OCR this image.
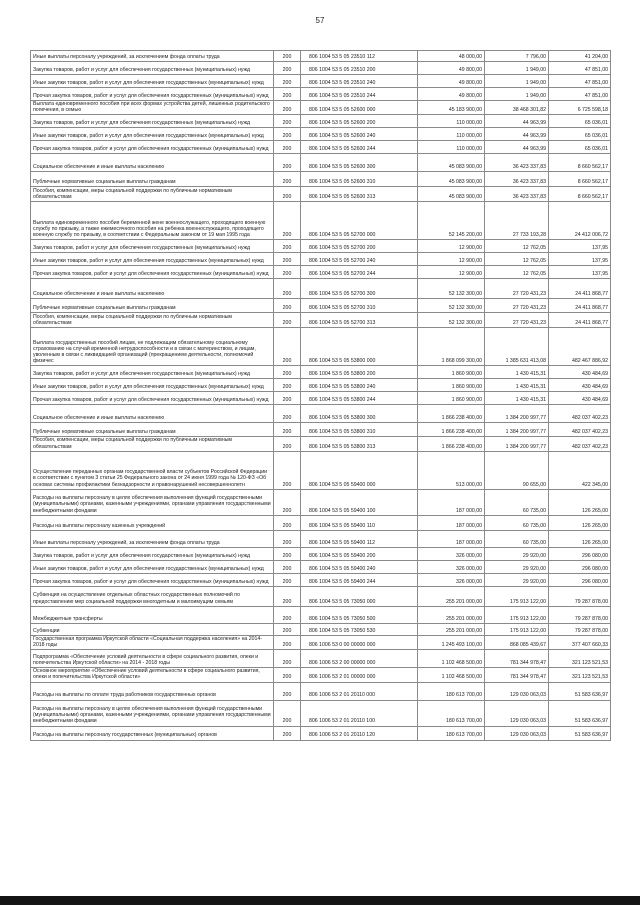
57
Иные выплаты персоналу учреждений, за исключением фонда оплаты труда	200	806 1004 53 5 05 23510 112	48 000,00	7 796,00	41 204,00
Закупка товаров, работ и услуг для обеспечения государственных (муниципальных) нужд	200	806 1004 53 5 05 23510 200	49 800,00	1 949,00	47 851,00
Иные закупки товаров, работ и услуг для обеспечения государственных (муниципальных) нужд	200	806 1004 53 5 05 23510 240	49 800,00	1 949,00	47 851,00
Прочая закупка товаров, работ и услуг для обеспечения государственных (муниципальных) нужд	200	806 1004 53 5 05 23510 244	49 800,00	1 949,00	47 851,00
Выплата единовременного пособия при всех формах устройства детей, лишенных родительского попечения, в семью	200	806 1004 53 5 05 52600 000	45 183 900,00	38 468 301,82	6 725 598,18
Закупка товаров, работ и услуг для обеспечения государственных (муниципальных) нужд	200	806 1004 53 5 05 52600 200	110 000,00	44 963,99	65 036,01
Иные закупки товаров, работ и услуг для обеспечения государственных (муниципальных) нужд	200	806 1004 53 5 05 52600 240	110 000,00	44 963,99	65 036,01
Прочая закупка товаров, работ и услуг для обеспечения государственных (муниципальных) нужд	200	806 1004 53 5 05 52600 244	110 000,00	44 963,99	65 036,01
Социальное обеспечение и иные выплаты населению	200	806 1004 53 5 05 52600 300	45 083 900,00	36 423 337,83	8 660 562,17
Публичные нормативные социальные выплаты гражданам	200	806 1004 53 5 05 52600 310	45 083 900,00	36 423 337,83	8 660 562,17
Пособия, компенсации, меры социальной поддержки по публичным нормативным обязательствам	200	806 1004 53 5 05 52600 313	45 083 900,00	36 423 337,83	8 660 562,17
Выплата единовременного пособия беременной жене военнослужащего, проходящего военную службу по призыву, а также ежемесячного пособия на ребенка военнослужащего, проходящего военную службу по призыву, в соответствии с Федеральным законом от 19 мая 1995 года	200	806 1004 53 5 05 52700 000	52 145 200,00	27 733 193,28	24 412 006,72
Закупка товаров, работ и услуг для обеспечения государственных (муниципальных) нужд	200	806 1004 53 5 05 52700 200	12 900,00	12 762,05	137,95
Иные закупки товаров, работ и услуг для обеспечения государственных (муниципальных) нужд	200	806 1004 53 5 05 52700 240	12 900,00	12 762,05	137,95
Прочая закупка товаров, работ и услуг для обеспечения государственных (муниципальных) нужд	200	806 1004 53 5 05 52700 244	12 900,00	12 762,05	137,95
Социальное обеспечение и иные выплаты населению	200	806 1004 53 5 05 52700 300	52 132 300,00	27 720 431,23	24 411 868,77
Публичные нормативные социальные выплаты гражданам	200	806 1004 53 5 05 52700 310	52 132 300,00	27 720 431,23	24 411 868,77
Пособия, компенсации, меры социальной поддержки по публичным нормативным обязательствам	200	806 1004 53 5 05 52700 313	52 132 300,00	27 720 431,23	24 411 868,77
Выплата государственных пособий лицам, не подлежащим обязательному социальному страхованию на случай временной нетрудоспособности и в связи с материнством, и лицам, уволенным в связи с ликвидацией организаций (прекращением деятельности, полномочий физичес	200	806 1004 53 5 05 53800 000	1 868 099 300,00	1 385 631 413,08	482 467 886,92
Закупка товаров, работ и услуг для обеспечения государственных (муниципальных) нужд	200	806 1004 53 5 05 53800 200	1 860 900,00	1 430 415,31	430 484,69
Иные закупки товаров, работ и услуг для обеспечения государственных (муниципальных) нужд	200	806 1004 53 5 05 53800 240	1 860 900,00	1 430 415,31	430 484,69
Прочая закупка товаров, работ и услуг для обеспечения государственных (муниципальных) нужд	200	806 1004 53 5 05 53800 244	1 860 900,00	1 430 415,31	430 484,69
Социальное обеспечение и иные выплаты населению	200	806 1004 53 5 05 53800 300	1 866 238 400,00	1 384 200 997,77	482 037 402,23
Публичные нормативные социальные выплаты гражданам	200	806 1004 53 5 05 53800 310	1 866 238 400,00	1 384 200 997,77	482 037 402,23
Пособия, компенсации, меры социальной поддержки по публичным нормативным обязательствам	200	806 1004 53 5 05 53800 313	1 866 238 400,00	1 384 200 997,77	482 037 402,23
Осуществление переданных органам государственной власти субъектов Российской Федерации в соответствии с пунктом 3 статьи 25 Федерального закона от 24 июня 1999 года № 120-ФЗ «Об основах системы профилактики безнадзорности и правонарушений несовершеннолетн	200	806 1004 53 5 05 59400 000	513 000,00	90 655,00	422 345,00
Расходы на выплаты персоналу в целях обеспечения выполнения функций государственными (муниципальными) органами, казенными учреждениями, органами управления государственными внебюджетными фондами	200	806 1004 53 5 05 59400 100	187 000,00	60 735,00	126 265,00
Расходы на выплаты персоналу казенных учреждений	200	806 1004 53 5 05 59400 110	187 000,00	60 735,00	126 265,00
Иные выплаты персоналу учреждений, за исключением фонда оплаты труда	200	806 1004 53 5 05 59400 112	187 000,00	60 735,00	126 265,00
Закупка товаров, работ и услуг для обеспечения государственных (муниципальных) нужд	200	806 1004 53 5 05 59400 200	326 000,00	29 920,00	296 080,00
Иные закупки товаров, работ и услуг для обеспечения государственных (муниципальных) нужд	200	806 1004 53 5 05 59400 240	326 000,00	29 920,00	296 080,00
Прочая закупка товаров, работ и услуг для обеспечения государственных (муниципальных) нужд	200	806 1004 53 5 05 59400 244	326 000,00	29 920,00	296 080,00
Субвенция на осуществление отдельных областных государственных полномочий по предоставлению мер социальной поддержки многодетным и малоимущим семьям	200	806 1004 53 5 05 73050 000	255 201 000,00	175 913 122,00	79 287 878,00
Межбюджетные трансферты	200	806 1004 53 5 05 73050 500	255 201 000,00	175 913 122,00	79 287 878,00
Субвенции	200	806 1004 53 5 05 73050 530	255 201 000,00	175 913 122,00	79 287 878,00
Государственная программа Иркутской области «Социальная поддержка населения» на 2014-2018 годы	200	806 1006 53 0 00 00000 000	1 245 493 100,00	868 085 439,67	377 407 660,33
Подпрограмма «Обеспечение условий деятельности в сфере социального развития, опеки и попечительства Иркутской области» на 2014 - 2018 годы	200	806 1006 53 2 00 00000 000	1 102 468 500,00	781 344 978,47	321 123 521,53
Основное мероприятие «Обеспечение условий деятельности в сфере социального развития, опеки и попечительства Иркутской области»	200	806 1006 53 2 01 00000 000	1 102 468 500,00	781 344 978,47	321 123 521,53
Расходы на выплаты по оплате труда работников государственных органов	200	806 1006 53 2 01 20110 000	180 613 700,00	129 030 063,03	51 583 636,97
Расходы на выплаты персоналу в целях обеспечения выполнения функций государственными (муниципальными) органами, казенными учреждениями, органами управления государственными внебюджетными фондами	200	806 1006 53 2 01 20110 100	180 613 700,00	129 030 063,03	51 583 636,97
Расходы на выплаты персоналу государственных (муниципальных) органов	200	806 1006 53 2 01 20110 120	180 613 700,00	129 030 063,03	51 583 636,97
